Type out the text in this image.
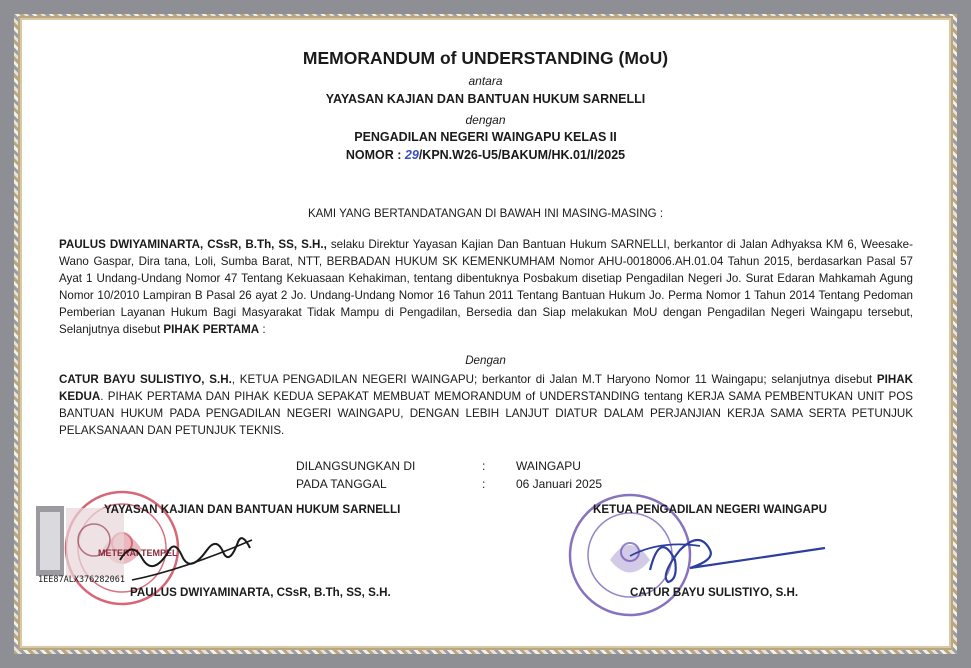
MEMORANDUM of UNDERSTANDING (MoU)
antara
YAYASAN KAJIAN DAN BANTUAN HUKUM SARNELLI
dengan
PENGADILAN NEGERI WAINGAPU KELAS II
NOMOR : 29/KPN.W26-U5/BAKUM/HK.01/I/2025
KAMI YANG BERTANDATANGAN DI BAWAH INI MASING-MASING :
PAULUS DWIYAMINARTA, CSsR, B.Th, SS, S.H., selaku Direktur Yayasan Kajian Dan Bantuan Hukum SARNELLI, berkantor di Jalan Adhyaksa KM 6, Weesake-Wano Gaspar, Dira tana, Loli, Sumba Barat, NTT, BERBADAN HUKUM SK KEMENKUMHAM Nomor AHU-0018006.AH.01.04 Tahun 2015, berdasarkan Pasal 57 Ayat 1 Undang-Undang Nomor 47 Tentang Kekuasaan Kehakiman, tentang dibentuknya Posbakum disetiap Pengadilan Negeri Jo. Surat Edaran Mahkamah Agung Nomor 10/2010 Lampiran B Pasal 26 ayat 2 Jo. Undang-Undang Nomor 16 Tahun 2011 Tentang Bantuan Hukum Jo. Perma Nomor 1 Tahun 2014 Tentang Pedoman Pemberian Layanan Hukum Bagi Masyarakat Tidak Mampu di Pengadilan, Bersedia dan Siap melakukan MoU dengan Pengadilan Negeri Waingapu tersebut, Selanjutnya disebut PIHAK PERTAMA :
Dengan
CATUR BAYU SULISTIYO, S.H., KETUA PENGADILAN NEGERI WAINGAPU; berkantor di Jalan M.T Haryono Nomor 11 Waingapu; selanjutnya disebut PIHAK KEDUA. PIHAK PERTAMA DAN PIHAK KEDUA SEPAKAT MEMBUAT MEMORANDUM of UNDERSTANDING tentang KERJA SAMA PEMBENTUKAN UNIT POS BANTUAN HUKUM PADA PENGADILAN NEGERI WAINGAPU, DENGAN LEBIH LANJUT DIATUR DALAM PERJANJIAN KERJA SAMA SERTA PETUNJUK PELAKSANAAN DAN PETUNJUK TEKNIS.
DILANGSUNGKAN DI	:	WAINGAPU
PADA TANGGAL	:	06 Januari 2025
METERAI TEMPEL
1EE87ALX376282061
YAYASAN KAJIAN DAN BANTUAN HUKUM SARNELLI
PAULUS DWIYAMINARTA, CSsR, B.Th, SS, S.H.
KETUA PENGADILAN NEGERI WAINGAPU
CATUR BAYU SULISTIYO, S.H.
